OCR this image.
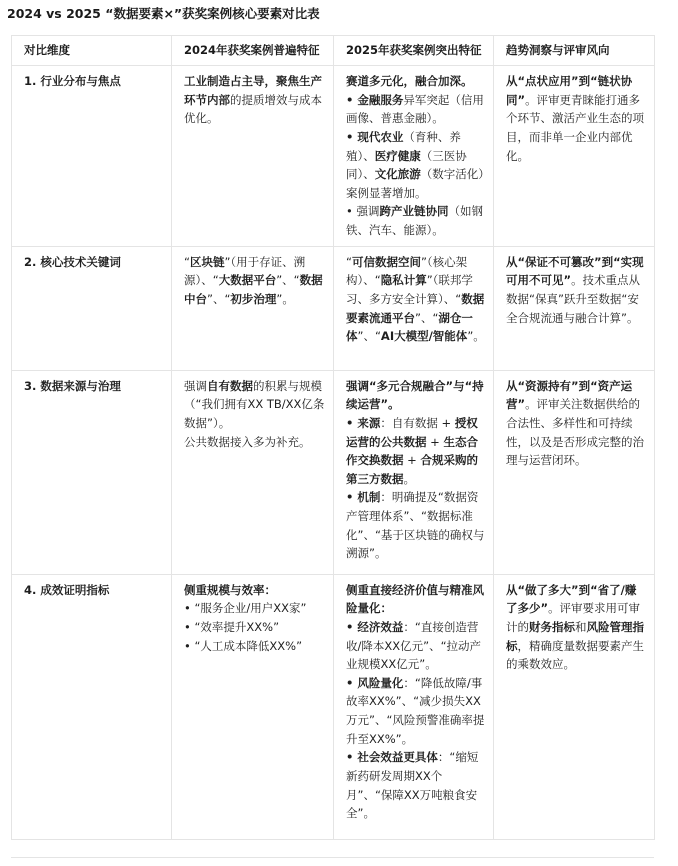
2024 vs 2025 “数据要素×”获奖案例核心要素对比表
对比维度	2024年获奖案例普遍特征	2025年获奖案例突出特征	趋势洞察与评审风向
1. 行业分布与焦点	工业制造占主导，聚焦生产环节内部的提质增效与成本优化。	赛道多元化，融合加深。
• 金融服务异军突起（信用画像、普惠金融）。
• 现代农业（育种、养殖）、医疗健康（三医协同）、文化旅游（数字活化）案例显著增加。
• 强调跨产业链协同（如钢铁、汽车、能源）。	从“点状应用”到“链状协同”。评审更青睐能打通多个环节、激活产业生态的项目，而非单一企业内部优化。
2. 核心技术关键词	“区块链”（用于存证、溯源）、“大数据平台”、“数据中台”、“初步治理”。	“可信数据空间”（核心架构）、“隐私计算”（联邦学习、多方安全计算）、“数据要素流通平台”、“湖仓一体”、“AI大模型/智能体”。	从“保证不可篡改”到“实现可用不可见”。技术重点从数据“保真”跃升至数据“安全合规流通与融合计算”。
3. 数据来源与治理	强调自有数据的积累与规模（“我们拥有XX TB/XX亿条数据”）。
公共数据接入多为补充。	强调“多元合规融合”与“持续运营”。
• 来源：自有数据 + 授权运营的公共数据 + 生态合作交换数据 + 合规采购的第三方数据。
• 机制：明确提及“数据资产管理体系”、“数据标准化”、“基于区块链的确权与溯源”。	从“资源持有”到“资产运营”。评审关注数据供给的合法性、多样性和可持续性，以及是否形成完整的治理与运营闭环。
4. 成效证明指标	侧重规模与效率：
• “服务企业/用户XX家”
• “效率提升XX%”
• “人工成本降低XX%”	侧重直接经济价值与精准风险量化：
• 经济效益：“直接创造营收/降本XX亿元”、“拉动产业规模XX亿元”。
• 风险量化：“降低故障/事故率XX%”、“减少损失XX万元”、“风险预警准确率提升至XX%”。
• 社会效益更具体：“缩短新药研发周期XX个月”、“保障XX万吨粮食安全”。	从“做了多大”到“省了/赚了多少”。评审要求用可审计的财务指标和风险管理指标，精确度量数据要素产生的乘数效应。
